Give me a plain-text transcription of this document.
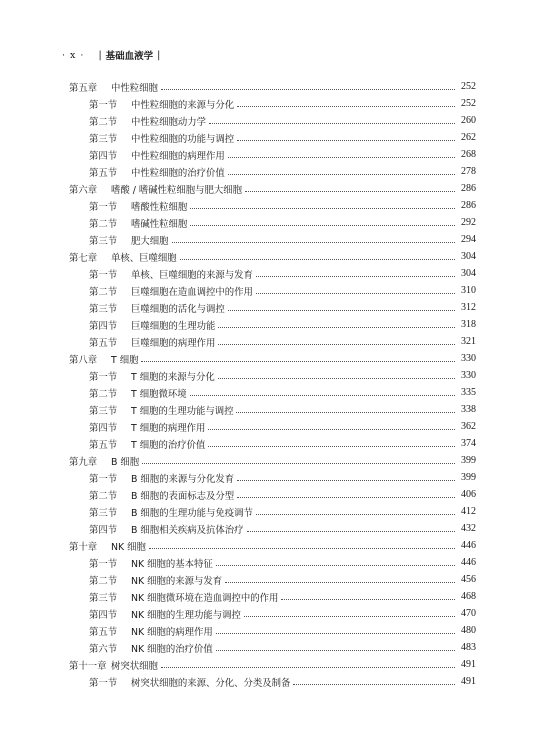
· x · | 基础血液学 |
第五章	中性粒细胞	252
第一节	中性粒细胞的来源与分化	252
第二节	中性粒细胞动力学	260
第三节	中性粒细胞的功能与调控	262
第四节	中性粒细胞的病理作用	268
第五节	中性粒细胞的治疗价值	278
第六章	嗜酸 / 嗜碱性粒细胞与肥大细胞	286
第一节	嗜酸性粒细胞	286
第二节	嗜碱性粒细胞	292
第三节	肥大细胞	294
第七章	单核、巨噬细胞	304
第一节	单核、巨噬细胞的来源与发育	304
第二节	巨噬细胞在造血调控中的作用	310
第三节	巨噬细胞的活化与调控	312
第四节	巨噬细胞的生理功能	318
第五节	巨噬细胞的病理作用	321
第八章	T 细胞	330
第一节	T 细胞的来源与分化	330
第二节	T 细胞微环境	335
第三节	T 细胞的生理功能与调控	338
第四节	T 细胞的病理作用	362
第五节	T 细胞的治疗价值	374
第九章	B 细胞	399
第一节	B 细胞的来源与分化发育	399
第二节	B 细胞的表面标志及分型	406
第三节	B 细胞的生理功能与免疫调节	412
第四节	B 细胞相关疾病及抗体治疗	432
第十章	NK 细胞	446
第一节	NK 细胞的基本特征	446
第二节	NK 细胞的来源与发育	456
第三节	NK 细胞微环境在造血调控中的作用	468
第四节	NK 细胞的生理功能与调控	470
第五节	NK 细胞的病理作用	480
第六节	NK 细胞的治疗价值	483
第十一章 树突状细胞	491
第一节	树突状细胞的来源、分化、分类及制备	491
